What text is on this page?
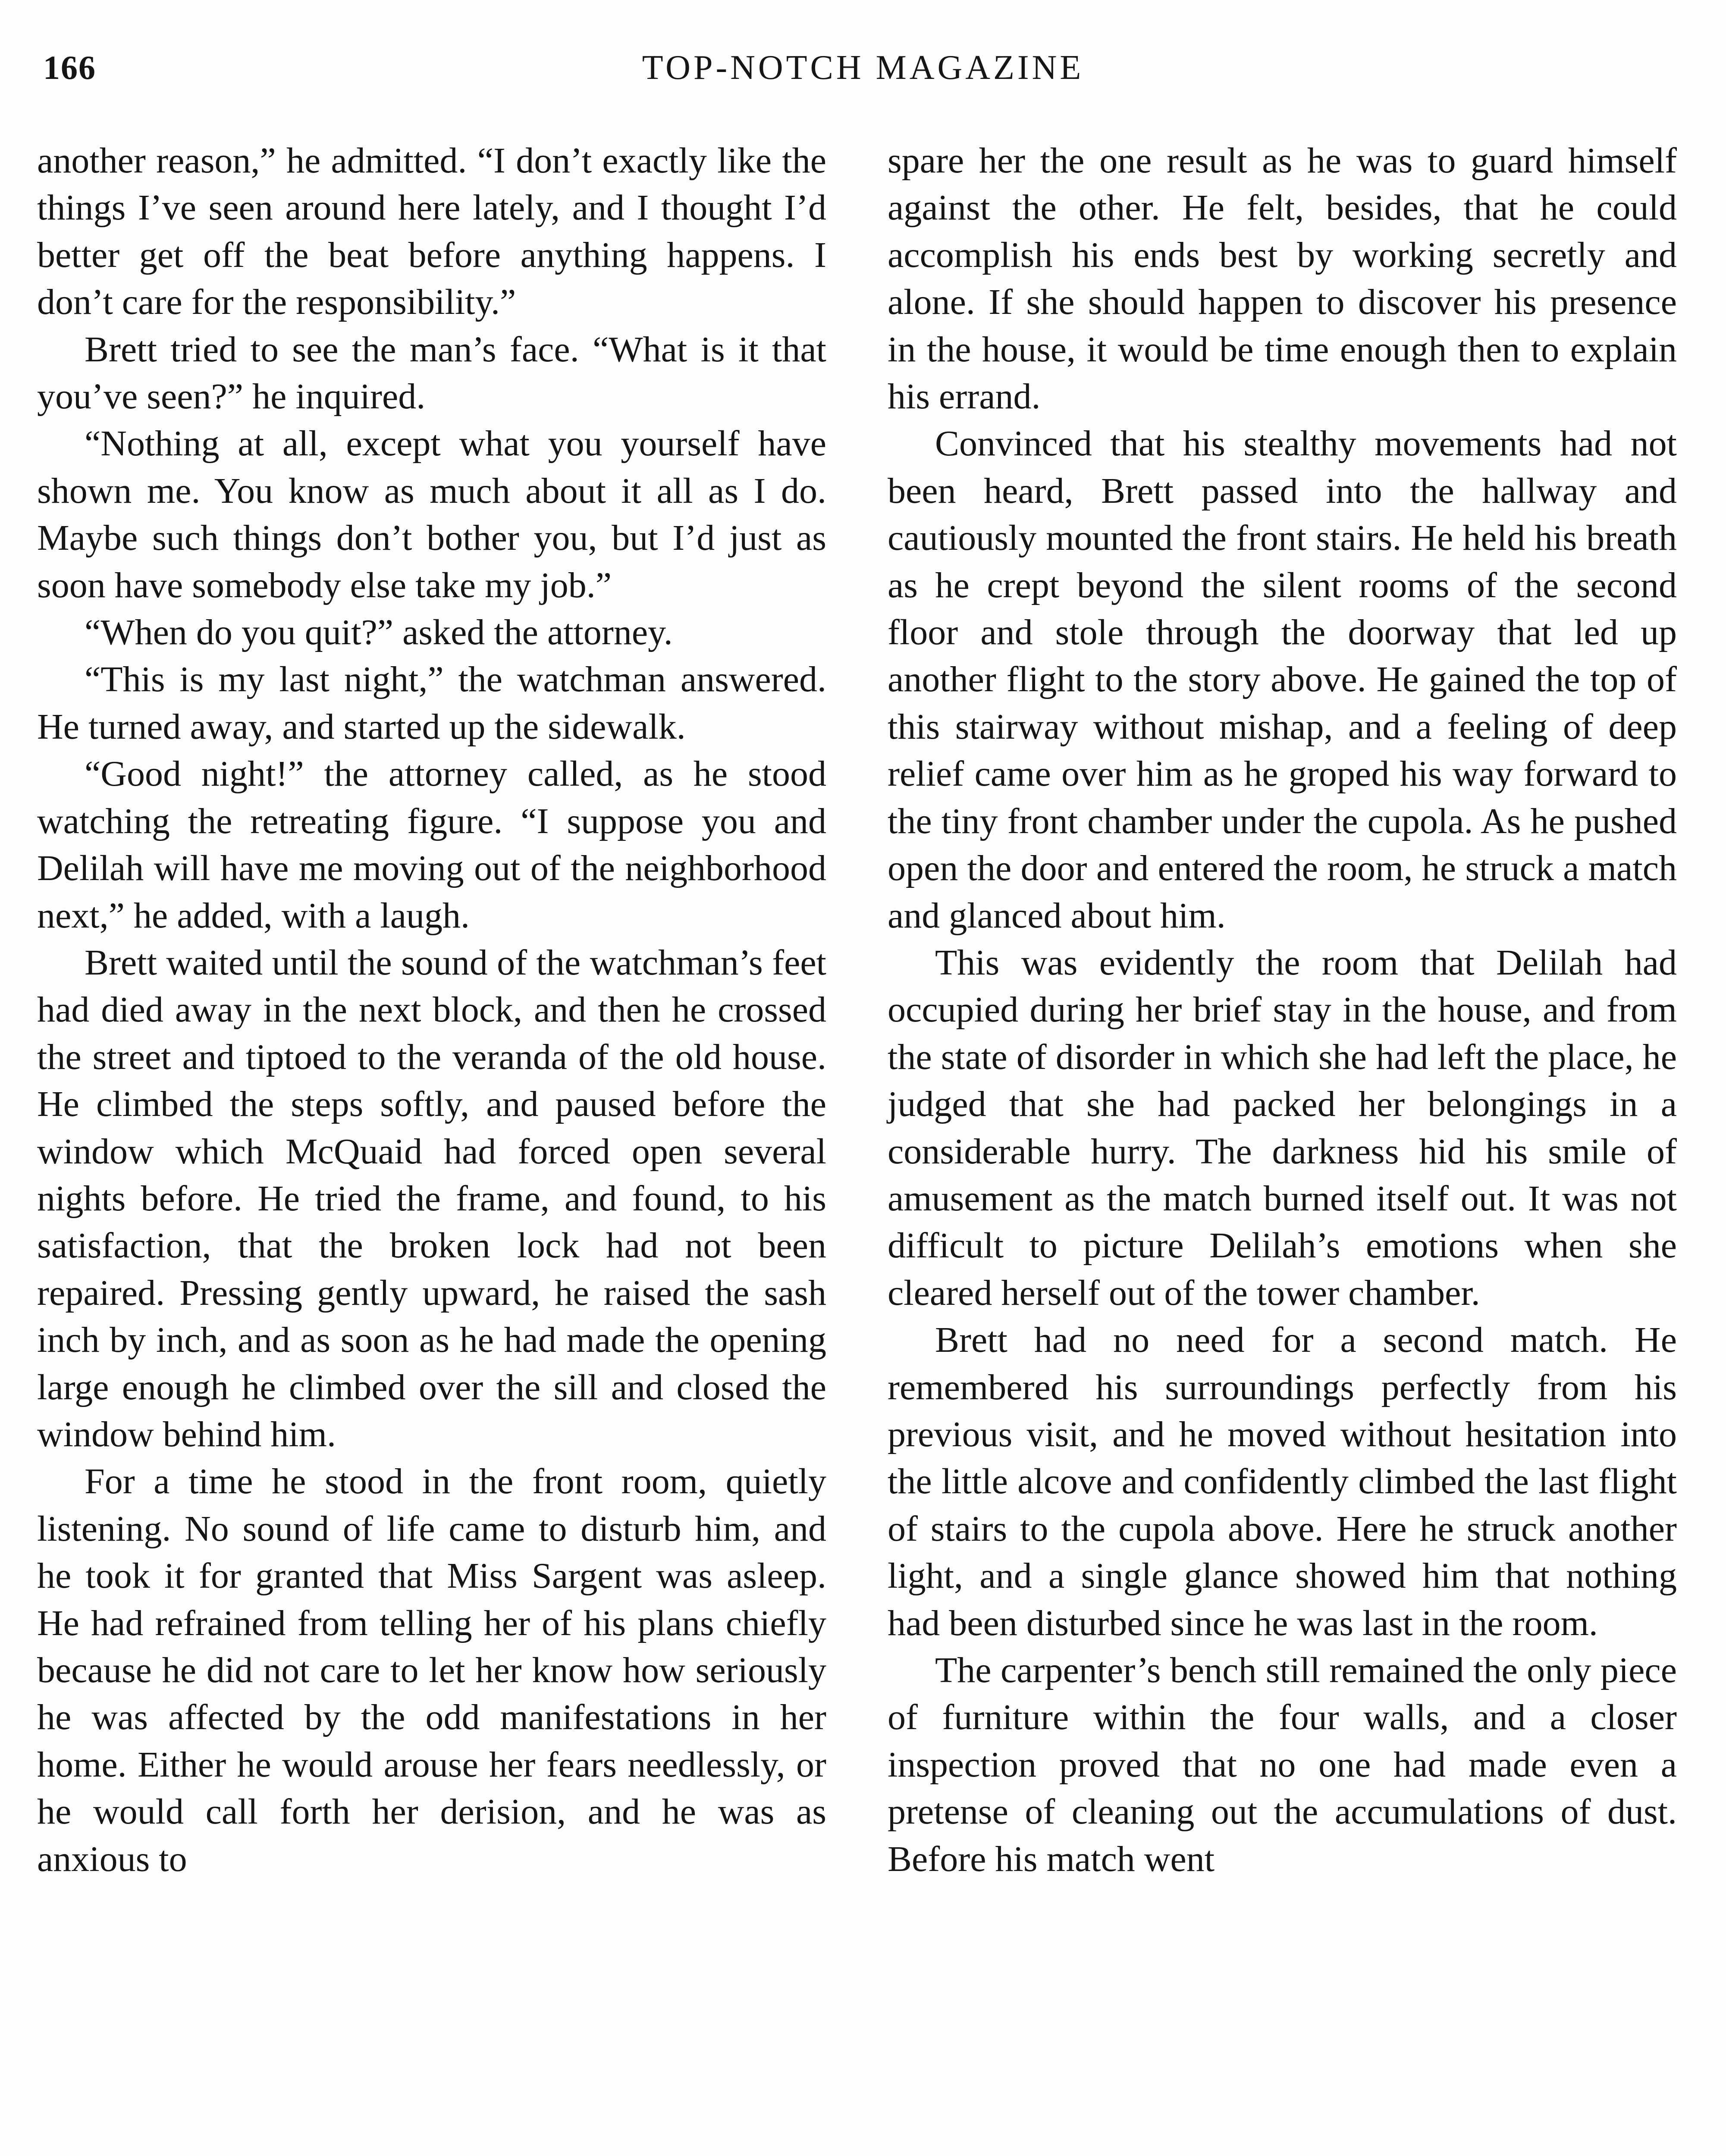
166	TOP-NOTCH MAGAZINE

another reason,” he admitted. “I don’t exactly like the things I’ve seen around here lately, and I thought I’d better get off the beat before anything happens. I don’t care for the responsibility.”

Brett tried to see the man’s face. “What is it that you’ve seen?” he inquired.

“Nothing at all, except what you yourself have shown me. You know as much about it all as I do. Maybe such things don’t bother you, but I’d just as soon have somebody else take my job.”

“When do you quit?” asked the attorney.

“This is my last night,” the watchman answered. He turned away, and started up the sidewalk.

“Good night!” the attorney called, as he stood watching the retreating figure. “I suppose you and Delilah will have me moving out of the neighborhood next,” he added, with a laugh.

Brett waited until the sound of the watchman’s feet had died away in the next block, and then he crossed the street and tiptoed to the veranda of the old house. He climbed the steps softly, and paused before the window which McQuaid had forced open several nights before. He tried the frame, and found, to his satisfaction, that the broken lock had not been repaired. Pressing gently upward, he raised the sash inch by inch, and as soon as he had made the opening large enough he climbed over the sill and closed the window behind him.

For a time he stood in the front room, quietly listening. No sound of life came to disturb him, and he took it for granted that Miss Sargent was asleep. He had refrained from telling her of his plans chiefly because he did not care to let her know how seriously he was affected by the odd manifestations in her home. Either he would arouse her fears needlessly, or he would call forth her derision, and he was as anxious to

spare her the one result as he was to guard himself against the other. He felt, besides, that he could accomplish his ends best by working secretly and alone. If she should happen to discover his presence in the house, it would be time enough then to explain his errand.

Convinced that his stealthy movements had not been heard, Brett passed into the hallway and cautiously mounted the front stairs. He held his breath as he crept beyond the silent rooms of the second floor and stole through the doorway that led up another flight to the story above. He gained the top of this stairway without mishap, and a feeling of deep relief came over him as he groped his way forward to the tiny front chamber under the cupola. As he pushed open the door and entered the room, he struck a match and glanced about him.

This was evidently the room that Delilah had occupied during her brief stay in the house, and from the state of disorder in which she had left the place, he judged that she had packed her belongings in a considerable hurry. The darkness hid his smile of amusement as the match burned itself out. It was not difficult to picture Delilah’s emotions when she cleared herself out of the tower chamber.

Brett had no need for a second match. He remembered his surroundings perfectly from his previous visit, and he moved without hesitation into the little alcove and confidently climbed the last flight of stairs to the cupola above. Here he struck another light, and a single glance showed him that nothing had been disturbed since he was last in the room.

The carpenter’s bench still remained the only piece of furniture within the four walls, and a closer inspection proved that no one had made even a pretense of cleaning out the accumulations of dust. Before his match went
